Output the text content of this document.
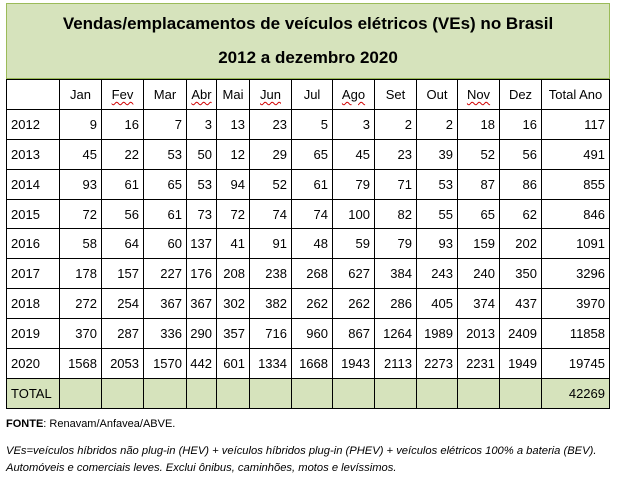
Vendas/emplacamentos de veículos elétricos (VEs) no Brasil
2012 a dezembro 2020
	Jan	Fev	Mar	Abr	Mai	Jun	Jul	Ago	Set	Out	Nov	Dez	Total Ano
2012	9	16	7	3	13	23	5	3	2	2	18	16	117
2013	45	22	53	50	12	29	65	45	23	39	52	56	491
2014	93	61	65	53	94	52	61	79	71	53	87	86	855
2015	72	56	61	73	72	74	74	100	82	55	65	62	846
2016	58	64	60	137	41	91	48	59	79	93	159	202	1091
2017	178	157	227	176	208	238	268	627	384	243	240	350	3296
2018	272	254	367	367	302	382	262	262	286	405	374	437	3970
2019	370	287	336	290	357	716	960	867	1264	1989	2013	2409	11858
2020	1568	2053	1570	442	601	1334	1668	1943	2113	2273	2231	1949	19745
TOTAL													42269
FONTE: Renavam/Anfavea/ABVE.
VEs=veículos híbridos não plug-in (HEV) + veículos híbridos plug-in (PHEV) + veículos elétricos 100% a bateria (BEV). Automóveis e comerciais leves. Exclui ônibus, caminhões, motos e levíssimos.
